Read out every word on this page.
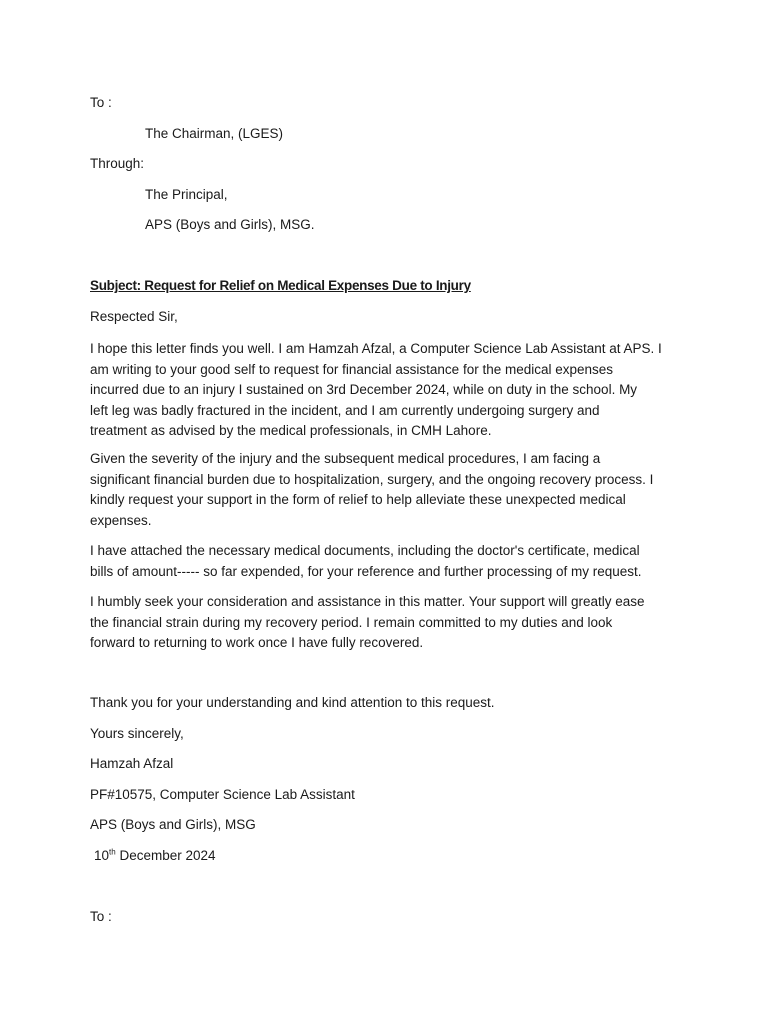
To :
The Chairman, (LGES)
Through:
The Principal,
APS (Boys and Girls), MSG.
Subject: Request for Relief on Medical Expenses Due to Injury
Respected Sir,
I hope this letter finds you well. I am Hamzah Afzal, a Computer Science Lab Assistant at APS. I
am writing to your good self to request for financial assistance for the medical expenses
incurred due to an injury I sustained on 3rd December 2024, while on duty in the school. My
left leg was badly fractured in the incident, and I am currently undergoing surgery and
treatment as advised by the medical professionals, in CMH Lahore.
Given the severity of the injury and the subsequent medical procedures, I am facing a
significant financial burden due to hospitalization, surgery, and the ongoing recovery process. I
kindly request your support in the form of relief to help alleviate these unexpected medical
expenses.
I have attached the necessary medical documents, including the doctor's certificate, medical
bills of amount----- so far expended, for your reference and further processing of my request.
I humbly seek your consideration and assistance in this matter. Your support will greatly ease
the financial strain during my recovery period. I remain committed to my duties and look
forward to returning to work once I have fully recovered.
Thank you for your understanding and kind attention to this request.
Yours sincerely,
Hamzah Afzal
PF#10575, Computer Science Lab Assistant
APS (Boys and Girls), MSG
10th December 2024
To :
